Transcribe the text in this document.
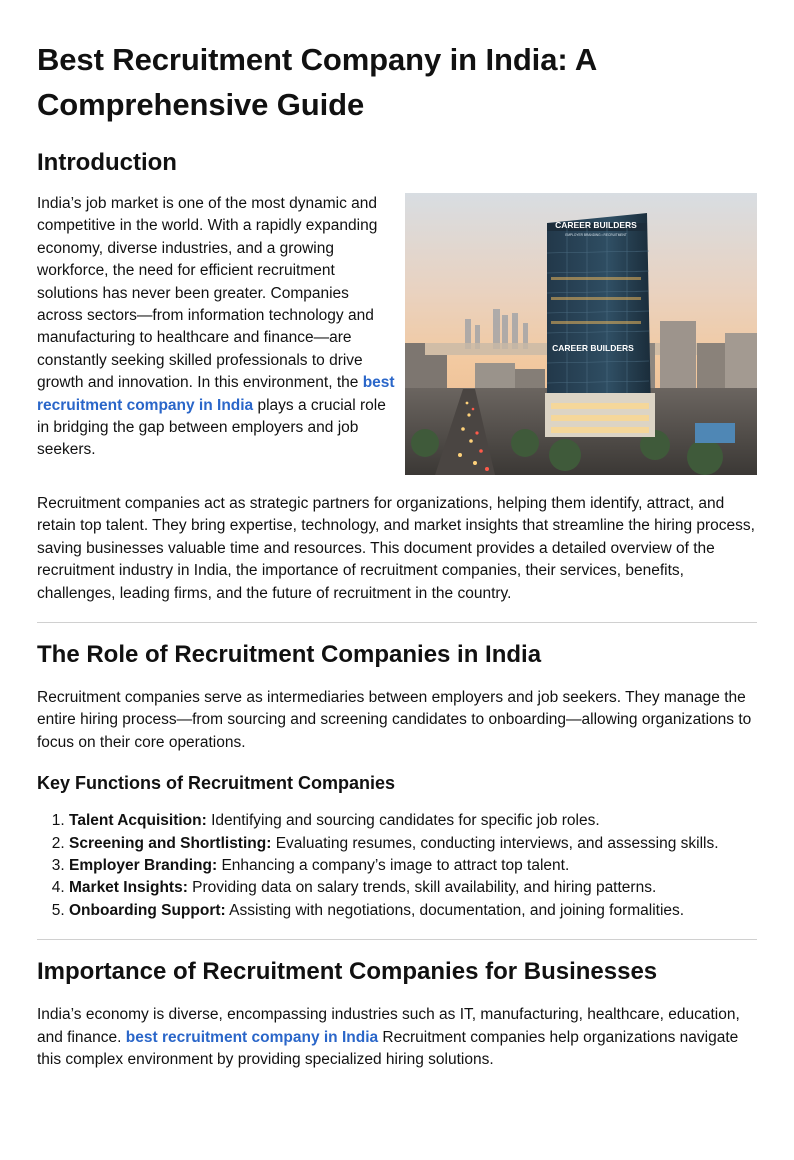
Best Recruitment Company in India: A Comprehensive Guide
Introduction

India’s job market is one of the most dynamic and competitive in the world. With a rapidly expanding economy, diverse industries, and a growing workforce, the need for efficient recruitment solutions has never been greater. Companies across sectors—from information technology and manufacturing to healthcare and finance—are constantly seeking skilled professionals to drive growth and innovation. In this environment, the best recruitment company in India plays a crucial role in bridging the gap between employers and job seekers.

CAREER BUILDERS
EMPLOYER BRANDING • RECRUITMENT
CAREER BUILDERS

Recruitment companies act as strategic partners for organizations, helping them identify, attract, and retain top talent. They bring expertise, technology, and market insights that streamline the hiring process, saving businesses valuable time and resources. This document provides a detailed overview of the recruitment industry in India, the importance of recruitment companies, their services, benefits, challenges, leading firms, and the future of recruitment in the country.

The Role of Recruitment Companies in India

Recruitment companies serve as intermediaries between employers and job seekers. They manage the entire hiring process—from sourcing and screening candidates to onboarding—allowing organizations to focus on their core operations.

Key Functions of Recruitment Companies
1. Talent Acquisition: Identifying and sourcing candidates for specific job roles.
2. Screening and Shortlisting: Evaluating resumes, conducting interviews, and assessing skills.
3. Employer Branding: Enhancing a company’s image to attract top talent.
4. Market Insights: Providing data on salary trends, skill availability, and hiring patterns.
5. Onboarding Support: Assisting with negotiations, documentation, and joining formalities.
Importance of Recruitment Companies for Businesses

India’s economy is diverse, encompassing industries such as IT, manufacturing, healthcare, education, and finance. best recruitment company in India Recruitment companies help organizations navigate this complex environment by providing specialized hiring solutions.
